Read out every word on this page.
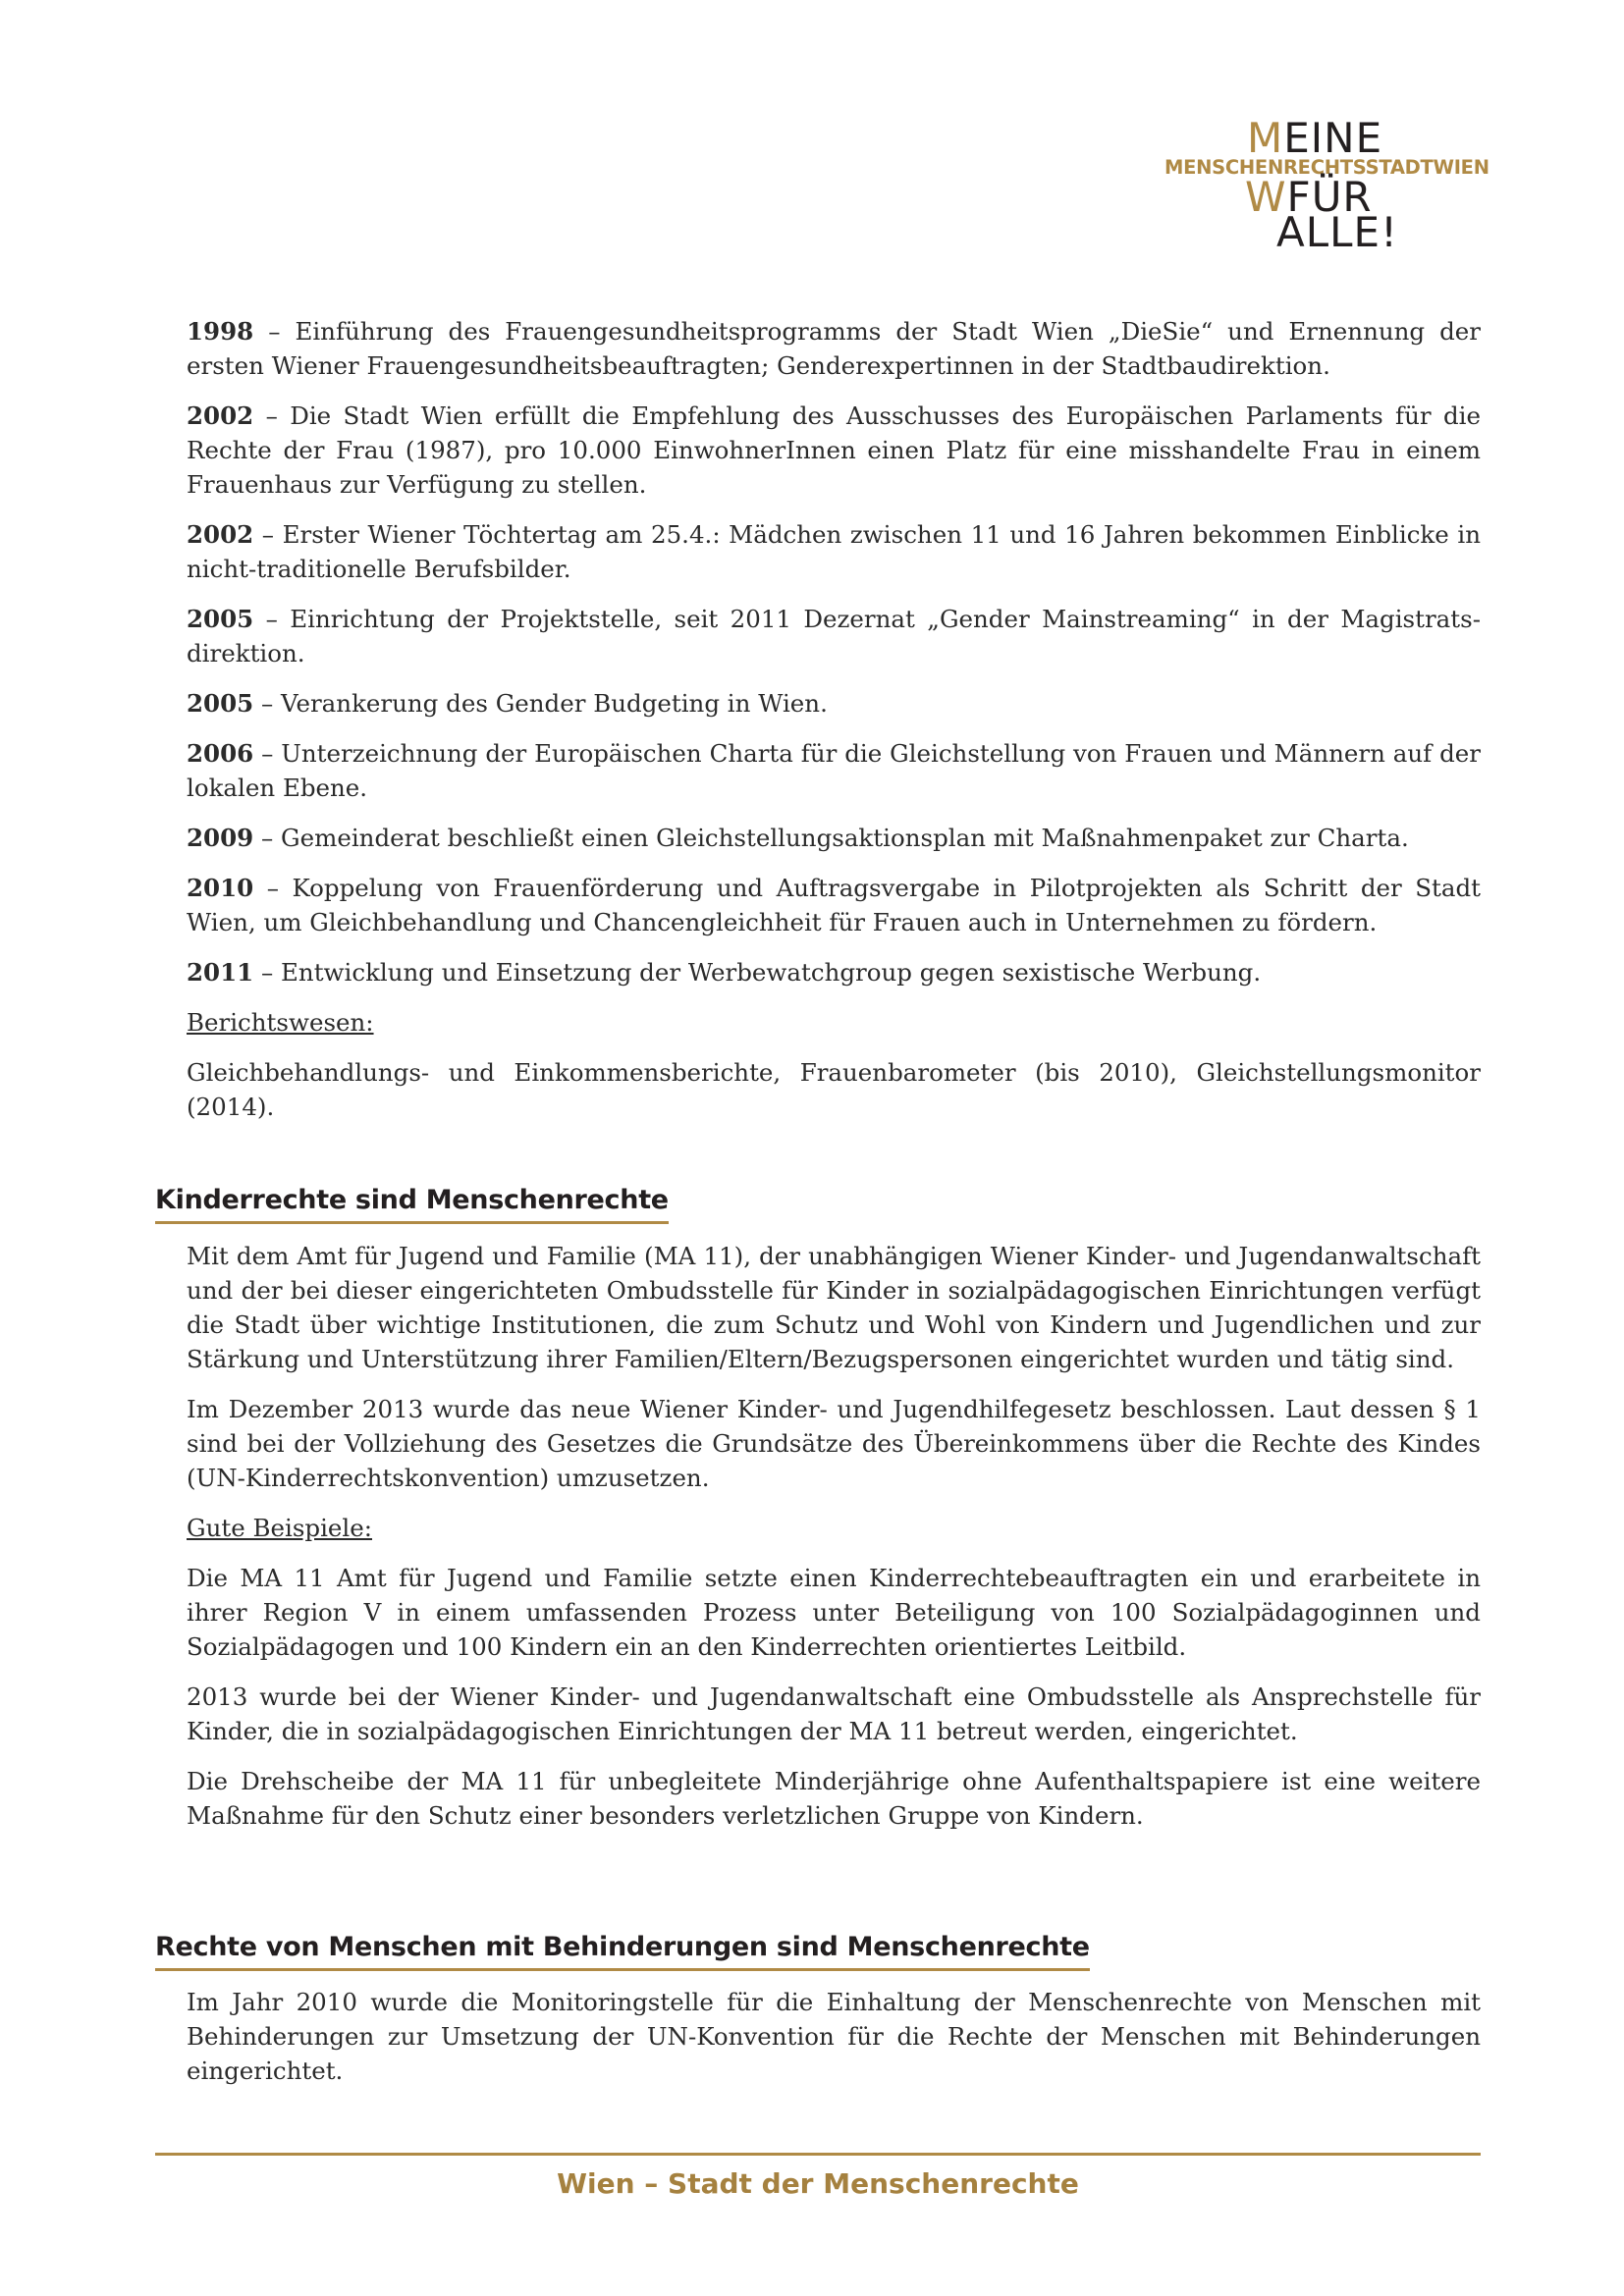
MEINE
MENSCHENRECHTSSTADTWIEN
WFÜR
ALLE!

1998 – Einführung des Frauengesundheitsprogramms der Stadt Wien „DieSie“ und Ernennung der ersten Wiener Frauengesundheitsbeauftragten; Genderexpertinnen in der Stadtbaudirektion.

2002 – Die Stadt Wien erfüllt die Empfehlung des Ausschusses des Europäischen Parlaments für die Rechte der Frau (1987), pro 10.000 EinwohnerInnen einen Platz für eine misshandelte Frau in einem Frauenhaus zur Verfügung zu stellen.

2002 – Erster Wiener Töchtertag am 25.4.: Mädchen zwischen 11 und 16 Jahren bekommen Einblicke in nicht-traditionelle Berufsbilder.

2005 – Einrichtung der Projektstelle, seit 2011 Dezernat „Gender Mainstreaming“ in der Magistratsdirektion.

2005 – Verankerung des Gender Budgeting in Wien.

2006 – Unterzeichnung der Europäischen Charta für die Gleichstellung von Frauen und Männern auf der lokalen Ebene.

2009 – Gemeinderat beschließt einen Gleichstellungsaktionsplan mit Maßnahmenpaket zur Charta.

2010 – Koppelung von Frauenförderung und Auftragsvergabe in Pilotprojekten als Schritt der Stadt Wien, um Gleichbehandlung und Chancengleichheit für Frauen auch in Unternehmen zu fördern.

2011 – Entwicklung und Einsetzung der Werbewatchgroup gegen sexistische Werbung.

Berichtswesen:

Gleichbehandlungs- und Einkommensberichte, Frauenbarometer (bis 2010), Gleichstellungsmonitor (2014).

Kinderrechte sind Menschenrechte

Mit dem Amt für Jugend und Familie (MA 11), der unabhängigen Wiener Kinder- und Jugendanwaltschaft und der bei dieser eingerichteten Ombudsstelle für Kinder in sozialpädagogischen Einrichtungen verfügt die Stadt über wichtige Institutionen, die zum Schutz und Wohl von Kindern und Jugendlichen und zur Stärkung und Unterstützung ihrer Familien/Eltern/Bezugspersonen eingerichtet wurden und tätig sind.

Im Dezember 2013 wurde das neue Wiener Kinder- und Jugendhilfegesetz beschlossen. Laut dessen § 1 sind bei der Vollziehung des Gesetzes die Grundsätze des Übereinkommens über die Rechte des Kindes (UN-Kinderrechtskonvention) umzusetzen.

Gute Beispiele:

Die MA 11 Amt für Jugend und Familie setzte einen Kinderrechtebeauftragten ein und erarbeitete in ihrer Region V in einem umfassenden Prozess unter Beteiligung von 100 Sozialpädagoginnen und Sozialpädagogen und 100 Kindern ein an den Kinderrechten orientiertes Leitbild.

2013 wurde bei der Wiener Kinder- und Jugendanwaltschaft eine Ombudsstelle als Ansprechstelle für Kinder, die in sozialpädagogischen Einrichtungen der MA 11 betreut werden, eingerichtet.

Die Drehscheibe der MA 11 für unbegleitete Minderjährige ohne Aufenthaltspapiere ist eine weitere Maßnahme für den Schutz einer besonders verletzlichen Gruppe von Kindern.

Rechte von Menschen mit Behinderungen sind Menschenrechte

Im Jahr 2010 wurde die Monitoringstelle für die Einhaltung der Menschenrechte von Menschen mit Behinderungen zur Umsetzung der UN-Konvention für die Rechte der Menschen mit Behinderungen eingerichtet.

Wien – Stadt der Menschenrechte
